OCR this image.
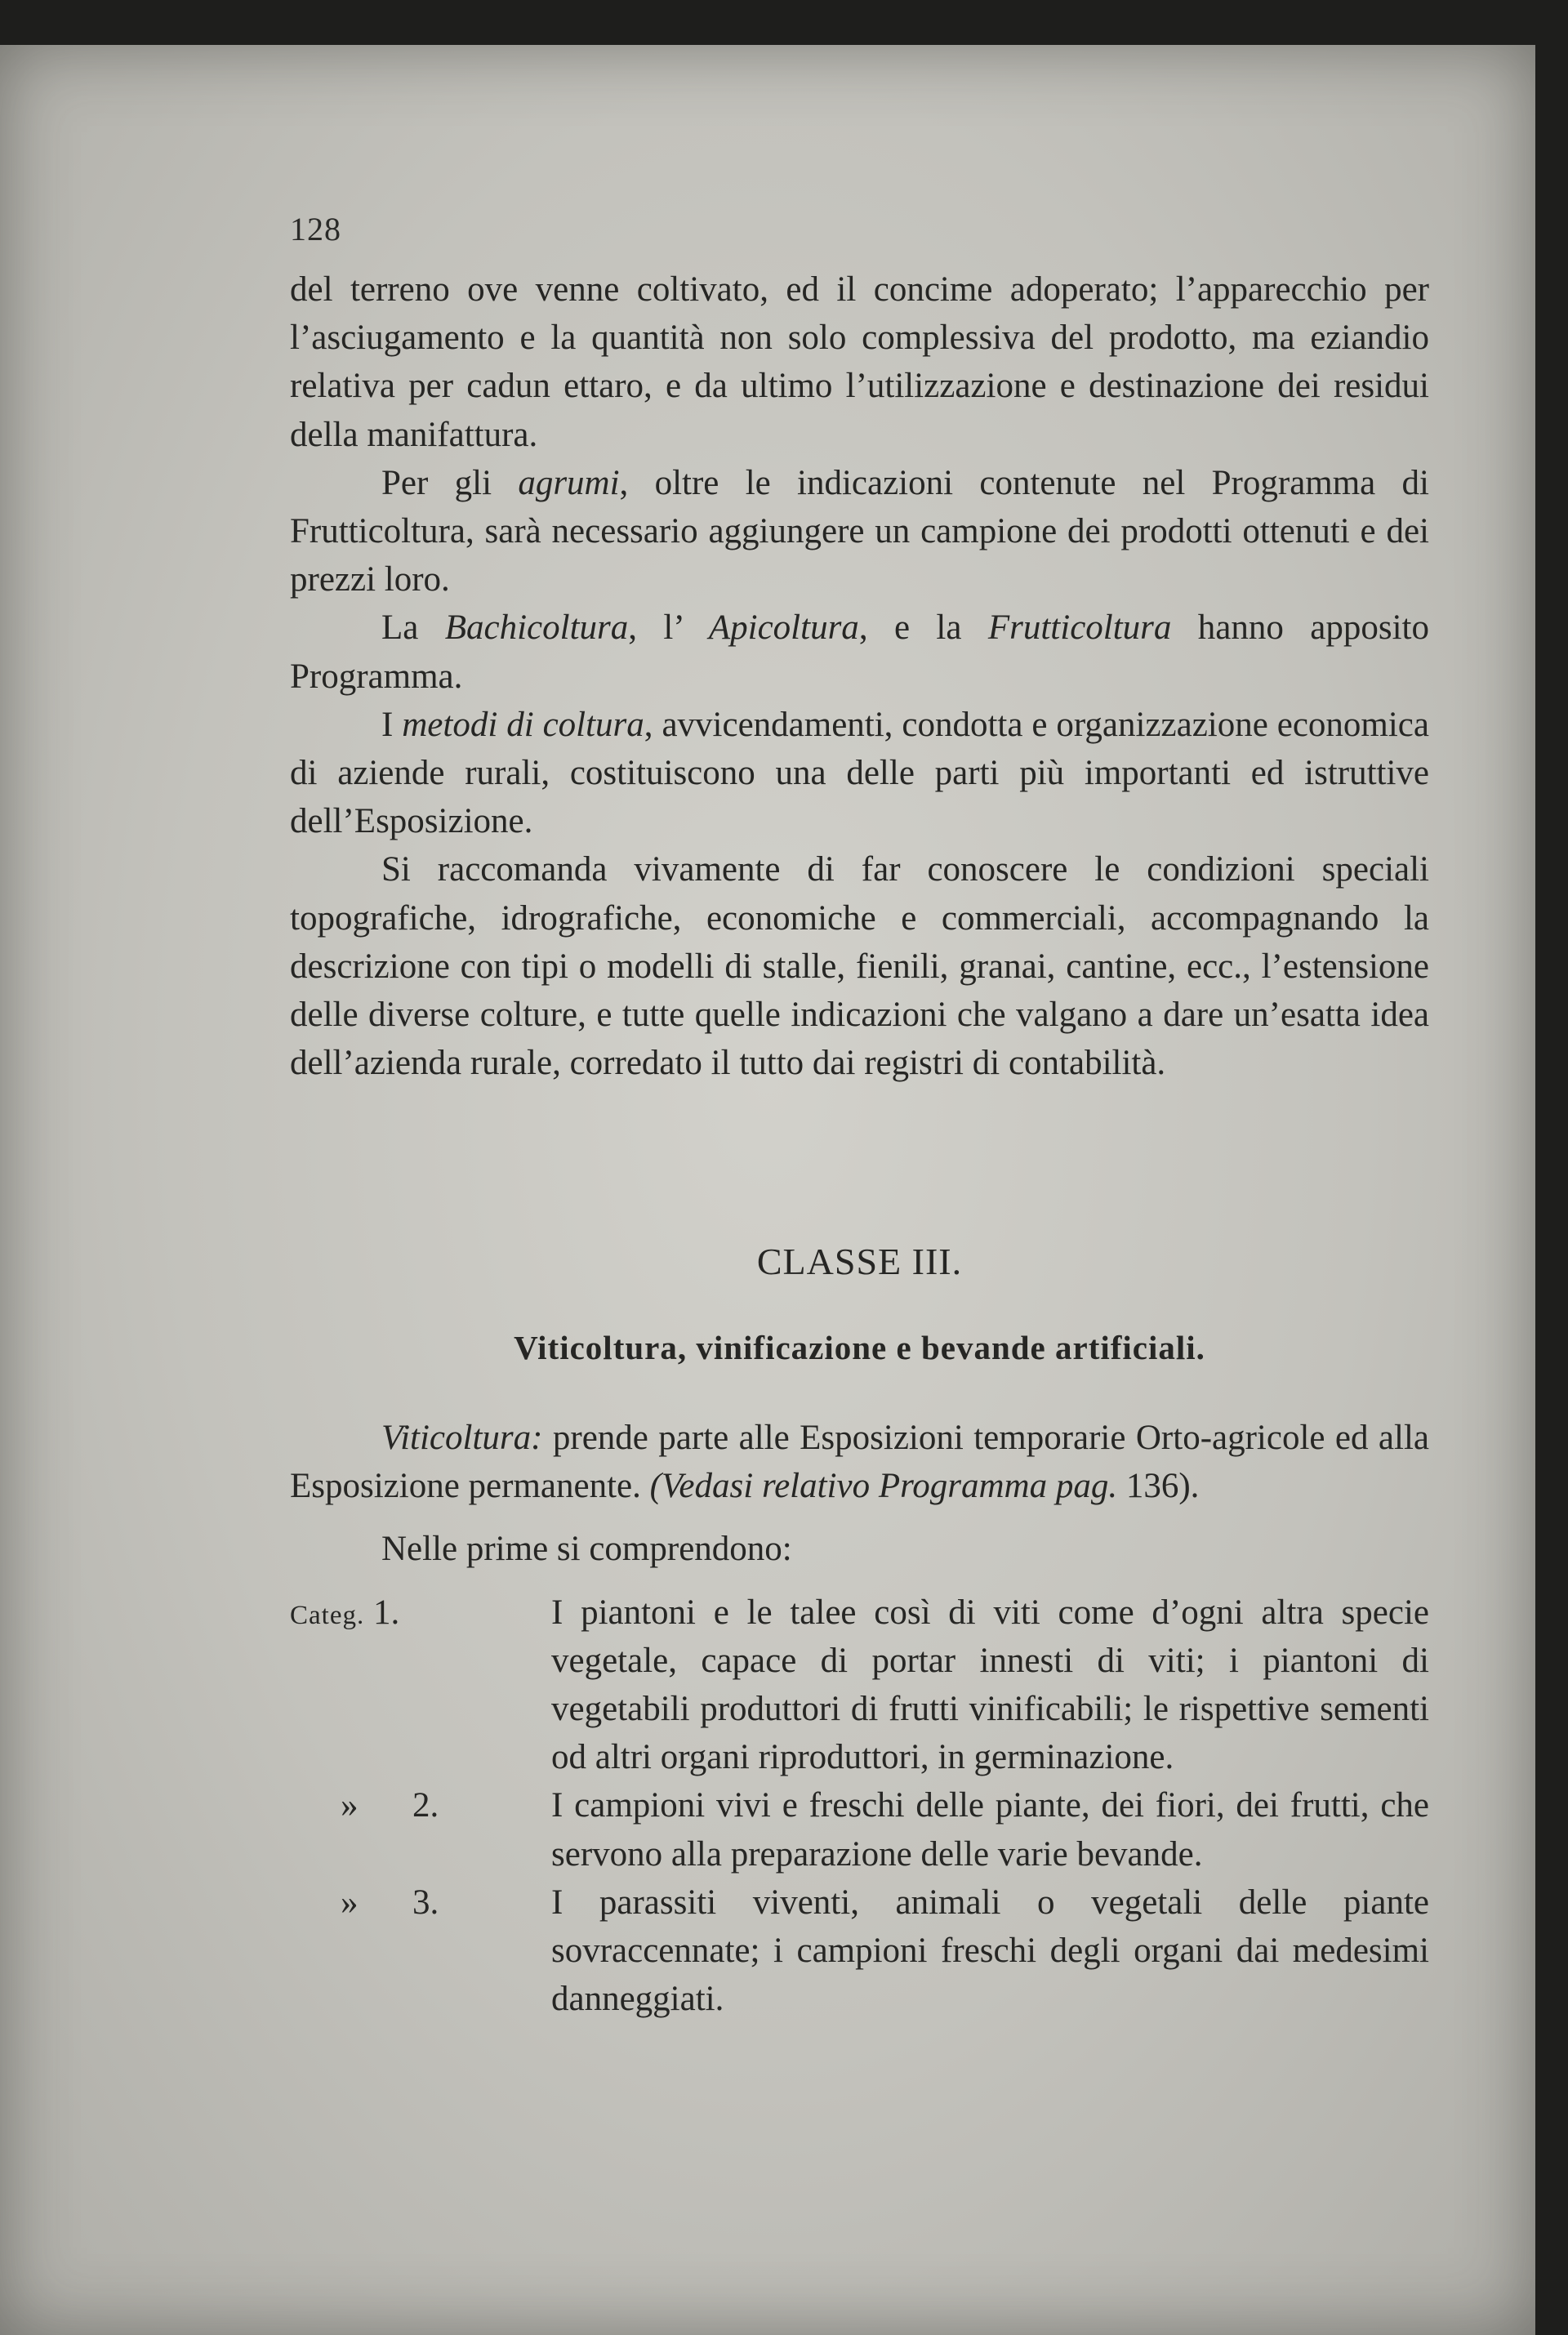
128

del terreno ove venne coltivato, ed il concime adoperato; l’apparecchio per l’asciugamento e la quantità non solo complessiva del prodotto, ma eziandio relativa per cadun ettaro, e da ultimo l’utilizzazione e destinazione dei residui della manifattura.

Per gli agrumi, oltre le indicazioni contenute nel Programma di Frutticoltura, sarà necessario aggiungere un campione dei prodotti ottenuti e dei prezzi loro.

La Bachicoltura, l’ Apicoltura, e la Frutticoltura hanno apposito Programma.

I metodi di coltura, avvicendamenti, condotta e organizzazione economica di aziende rurali, costituiscono una delle parti più importanti ed istruttive dell’Esposizione.

Si raccomanda vivamente di far conoscere le condizioni speciali topografiche, idrografiche, economiche e commerciali, accompagnando la descrizione con tipi o modelli di stalle, fienili, granai, cantine, ecc., l’estensione delle diverse colture, e tutte quelle indicazioni che valgano a dare un’esatta idea dell’azienda rurale, corredato il tutto dai registri di contabilità.

CLASSE III.
Viticoltura, vinificazione e bevande artificiali.

Viticoltura: prende parte alle Esposizioni temporarie Orto-agricole ed alla Esposizione permanente. (Vedasi relativo Programma pag. 136).

Nelle prime si comprendono:

Categ. 1.	I piantoni e le talee così di viti come d’ogni altra specie vegetale, capace di portar innesti di viti; i piantoni di vegetabili produttori di frutti vinificabili; le rispettive sementi od altri organi riproduttori, in germinazione.
» 2.	I campioni vivi e freschi delle piante, dei fiori, dei frutti, che servono alla preparazione delle varie bevande.
» 3.	I parassiti viventi, animali o vegetali delle piante sovraccennate; i campioni freschi degli organi dai medesimi danneggiati.
